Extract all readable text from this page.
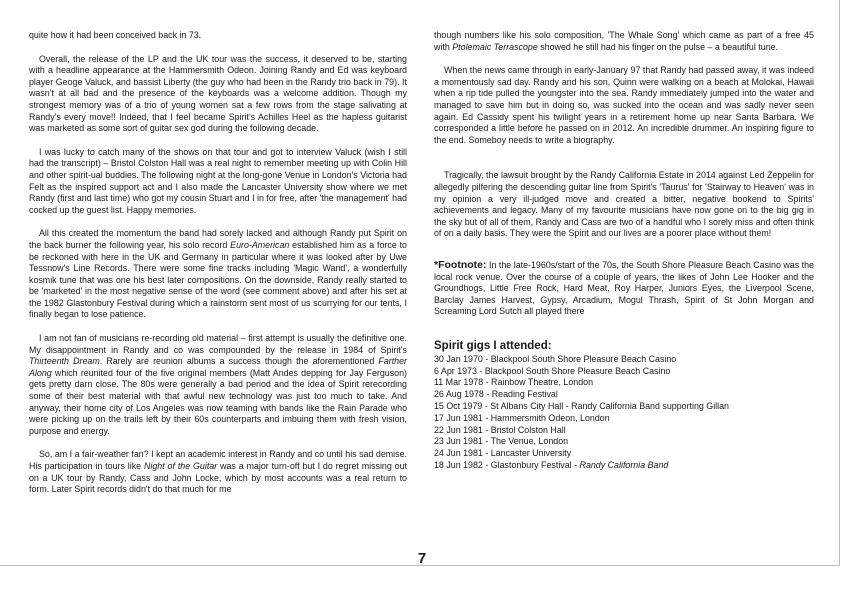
quite how it had been conceived back in 73.

Overall, the release of the LP and the UK tour was the success, it deserved to be, starting with a headline appearance at the Hammersmith Odeon. Joining Randy and Ed was keyboard player Geoge Valuck, and bassist Liberty (the guy who had been in the Randy trio back in 79). It wasn't at all bad and the presence of the keyboards was a welcome addition. Though my strongest memory was of a trio of young women sat a few rows from the stage salivating at Randy's every move!! Indeed, that I feel became Spirit's Achilles Heel as the hapless guitarist was marketed as some sort of guitar sex god during the following decade.

I was lucky to catch many of the shows on that tour and got to interview Valuck (wish I still had the transcript) – Bristol Colston Hall was a real night to remember meeting up with Colin Hill and other spirit-ual buddies. The following night at the long-gone Venue in London's Victoria had Felt as the inspired support act and I also made the Lancaster University show where we met Randy (first and last time) who got my cousin Stuart and I in for free, after 'the management' had cocked up the guest list. Happy memories.

All this created the momentum the band had sorely lacked and although Randy put Spirit on the back burner the following year, his solo record Euro-American established him as a force to be reckoned with here in the UK and Germany in particular where it was looked after by Uwe Tessnow's Line Records. There were some fine tracks including 'Magic Wand', a wonderfully kosmik tune that was one his best later compositions. On the downside, Randy really started to be 'marketed' in the most negative sense of the word (see comment above) and after his set at the 1982 Glastonbury Festival during which a rainstorm sent most of us scurrying for our tents, I finally began to lose patience.

I am not fan of musicians re-recording old material – first attempt is usually the definitive one. My disappointment in Randy and co was compounded by the release in 1984 of Spirit's Thirteenth Dream. Rarely are reunion albums a success though the aforementioned Farther Along which reunited four of the five original members (Matt Andes depping for Jay Ferguson) gets pretty darn close. The 80s were generally a bad period and the idea of Spirit rerecording some of their best material with that awful new technology was just too much to take. And anyway, their home city of Los Angeles was now teaming with bands like the Rain Parade who were picking up on the trails left by their 60s counterparts and imbuing them with fresh vision, purpose and energy.

So, am I a fair-weather fan? I kept an academic interest in Randy and co until his sad demise. His participation in tours like Night of the Guitar was a major turn-off but I do regret missing out on a UK tour by Randy, Cass and John Locke, which by most accounts was a real return to form. Later Spirit records didn't do that much for me

though numbers like his solo composition, 'The Whale Song' which came as part of a free 45 with Ptolemaic Terrascope showed he still had his finger on the pulse – a beautiful tune.

When the news came through in early-January 97 that Randy had passed away, it was indeed a momentously sad day. Randy and his son, Quinn were walking on a beach at Molokai, Hawaii when a rip tide pulled the youngster into the sea. Randy immediately jumped into the water and managed to save him but in doing so, was sucked into the ocean and was sadly never seen again. Ed Cassidy spent his twilight years in a retirement home up near Santa Barbara. We corresponded a little before he passed on in 2012. An incredible drummer. An inspiring figure to the end. Someboy needs to write a biography.

Tragically, the lawsuit brought by the Randy California Estate in 2014 against Led Zeppelin for allegedly pilfering the descending guitar line from Spirit's 'Taurus' for 'Stairway to Heaven' was in my opinion a very ill-judged move and created a bitter, negative bookend to Spirits' achievements and legacy. Many of my favourite musicians have now gone on to the big gig in the sky but of all of them, Randy and Cass are two of a handful who I sorely miss and often think of on a daily basis. They were the Spirit and our lives are a poorer place without them!

*Footnote: In the late-1960s/start of the 70s, the South Shore Pleasure Beach Casino was the local rock venue. Over the course of a couple of years, the likes of John Lee Hooker and the Groundhogs, Little Free Rock, Hard Meat, Roy Harper, Juniors Eyes, the Liverpool Scene, Barclay James Harvest, Gypsy, Arcadium, Mogul Thrash, Spirit of St John Morgan and Screaming Lord Sutch all played there

Spirit gigs I attended:
30 Jan 1970 - Blackpool South Shore Pleasure Beach Casino
6 Apr 1973 - Blackpool South Shore Pleasure Beach Casino
11 Mar 1978 - Rainbow Theatre, London
26 Aug 1978 - Reading Festival
15 Oct 1979 - St Albans City Hall - Randy California Band supporting Gillan
17 Jun 1981 - Hammersmith Odeon, London
22 Jun 1981 - Bristol Colston Hall
23 Jun 1981 - The Venue, London
24 Jun 1981 - Lancaster University
18 Jun 1982 - Glastonbury Festival - Randy California Band
7
